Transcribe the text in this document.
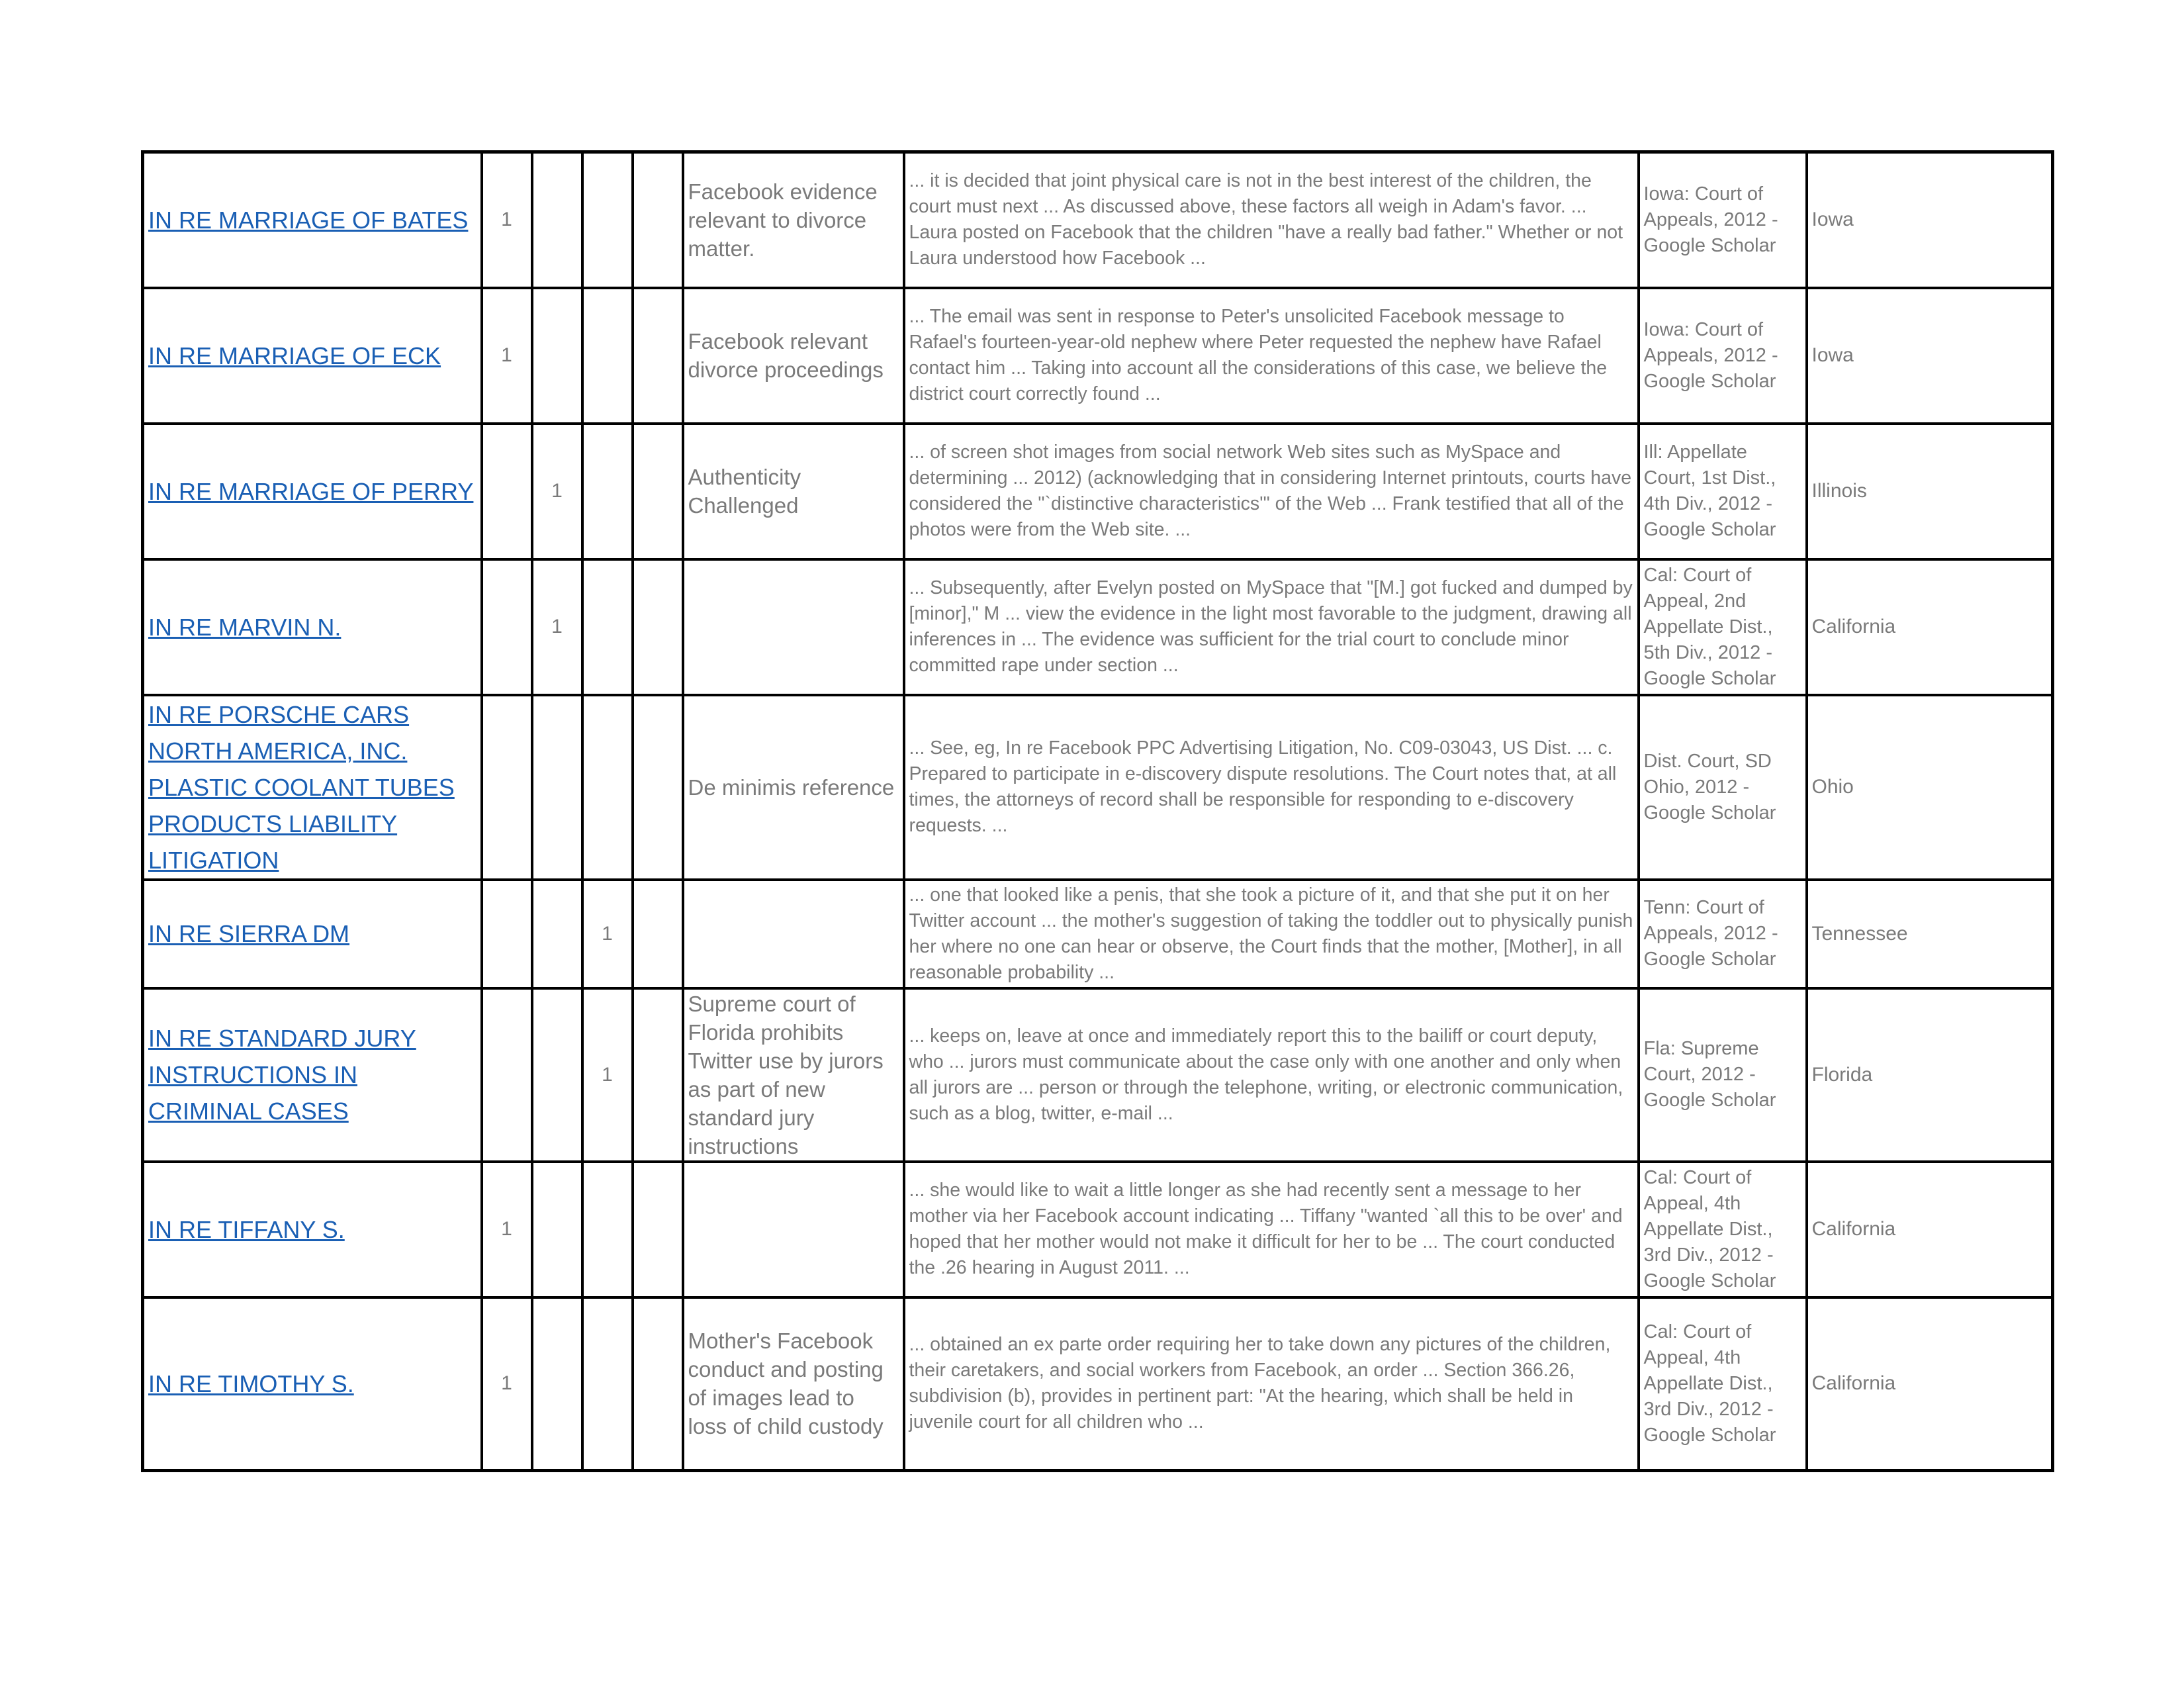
IN RE MARRIAGE OF BATES	1				Facebook evidence relevant to divorce matter.	... it is decided that joint physical care is not in the best interest of the children, the court must next ... As discussed above, these factors all weigh in Adam's favor. ... Laura posted on Facebook that the children "have a really bad father." Whether or not Laura understood how Facebook ...	Iowa: Court of Appeals, 2012 - Google Scholar	Iowa
IN RE MARRIAGE OF ECK	1				Facebook relevant divorce proceedings	... The email was sent in response to Peter's unsolicited Facebook message to Rafael's fourteen-year-old nephew where Peter requested the nephew have Rafael contact him ... Taking into account all the considerations of this case, we believe the district court correctly found ...	Iowa: Court of Appeals, 2012 - Google Scholar	Iowa
IN RE MARRIAGE OF PERRY		1			Authenticity Challenged	... of screen shot images from social network Web sites such as MySpace and determining ... 2012) (acknowledging that in considering Internet printouts, courts have considered the "`distinctive characteristics'" of the Web ... Frank testified that all of the photos were from the Web site. ...	Ill: Appellate Court, 1st Dist., 4th Div., 2012 - Google Scholar	Illinois
IN RE MARVIN N.		1				... Subsequently, after Evelyn posted on MySpace that "[M.] got fucked and dumped by [minor]," M ... view the evidence in the light most favorable to the judgment, drawing all inferences in ... The evidence was sufficient for the trial court to conclude minor committed rape under section ...	Cal: Court of Appeal, 2nd Appellate Dist., 5th Div., 2012 - Google Scholar	California
IN RE PORSCHE CARS NORTH AMERICA, INC. PLASTIC COOLANT TUBES PRODUCTS LIABILITY LITIGATION					De minimis reference	... See, eg, In re Facebook PPC Advertising Litigation, No. C09-03043, US Dist. ... c. Prepared to participate in e-discovery dispute resolutions. The Court notes that, at all times, the attorneys of record shall be responsible for responding to e-discovery requests. ...	Dist. Court, SD Ohio, 2012 - Google Scholar	Ohio
IN RE SIERRA DM			1			... one that looked like a penis, that she took a picture of it, and that she put it on her Twitter account ... the mother's suggestion of taking the toddler out to physically punish her where no one can hear or observe, the Court finds that the mother, [Mother], in all reasonable probability ...	Tenn: Court of Appeals, 2012 - Google Scholar	Tennessee
IN RE STANDARD JURY INSTRUCTIONS IN CRIMINAL CASES			1		Supreme court of Florida prohibits Twitter use by jurors as part of new standard jury instructions	... keeps on, leave at once and immediately report this to the bailiff or court deputy, who ... jurors must communicate about the case only with one another and only when all jurors are ... person or through the telephone, writing, or electronic communication, such as a blog, twitter, e-mail ...	Fla: Supreme Court, 2012 - Google Scholar	Florida
IN RE TIFFANY S.	1					... she would like to wait a little longer as she had recently sent a message to her mother via her Facebook account indicating ... Tiffany "wanted `all this to be over' and hoped that her mother would not make it difficult for her to be ... The court conducted the .26 hearing in August 2011. ...	Cal: Court of Appeal, 4th Appellate Dist., 3rd Div., 2012 - Google Scholar	California
IN RE TIMOTHY S.	1				Mother's Facebook conduct and posting of images lead to loss of child custody	... obtained an ex parte order requiring her to take down any pictures of the children, their caretakers, and social workers from Facebook, an order ... Section 366.26, subdivision (b), provides in pertinent part: "At the hearing, which shall be held in juvenile court for all children who ...	Cal: Court of Appeal, 4th Appellate Dist., 3rd Div., 2012 - Google Scholar	California
